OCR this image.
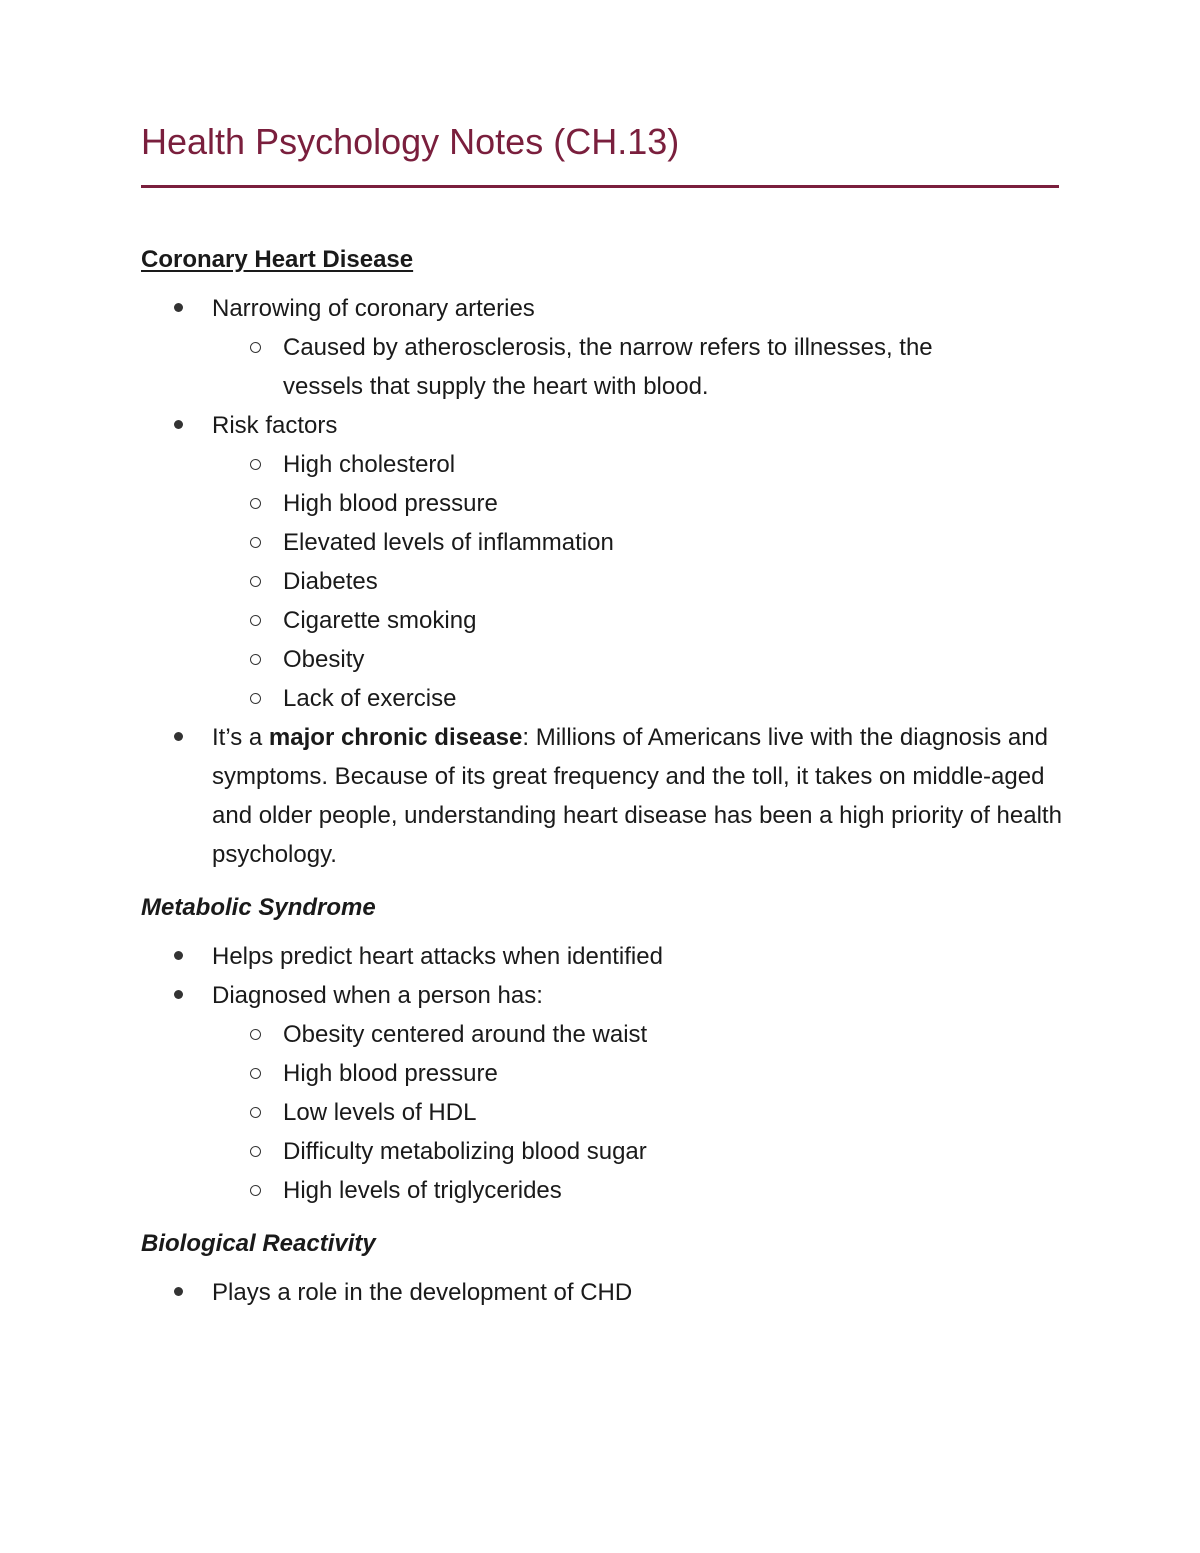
Health Psychology Notes (CH.13)
Coronary Heart Disease
Narrowing of coronary arteries
Caused by atherosclerosis, the narrow refers to illnesses, the vessels that supply the heart with blood.
Risk factors
High cholesterol
High blood pressure
Elevated levels of inflammation
Diabetes
Cigarette smoking
Obesity
Lack of exercise
It’s a major chronic disease: Millions of Americans live with the diagnosis and symptoms. Because of its great frequency and the toll, it takes on middle-aged and older people, understanding heart disease has been a high priority of health psychology.
Metabolic Syndrome
Helps predict heart attacks when identified
Diagnosed when a person has:
Obesity centered around the waist
High blood pressure
Low levels of HDL
Difficulty metabolizing blood sugar
High levels of triglycerides
Biological Reactivity
Plays a role in the development of CHD
